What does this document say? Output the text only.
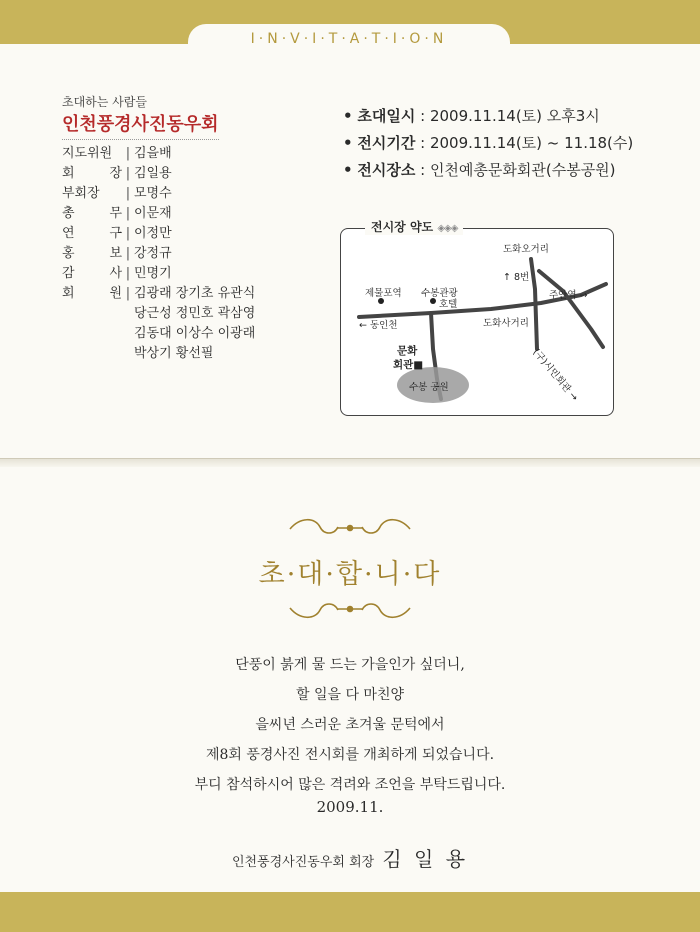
I·N·V·I·T·A·T·I·O·N
초대하는 사람들
인천풍경사진동우회
지도위원	| 김을배
회 장 | 김일용
부회장	| 모명수
총 무 | 이문재
연 구 | 이정만
홍 보 | 강정규
감 사 | 민명기
회 원 | 김광래 장기초 유관식
당근성 정민호 곽삼영
김동대 이상수 이광래
박상기 황선필
• 초대일시 : 2009.11.14(토) 오후3시
• 전시기간 : 2009.11.14(토) ~ 11.18(수)
• 전시장소 : 인천예총문화회관(수봉공원)
도화오거리
제물포역 수봉관광
호텔
← 동인천	도화사거리
주안역 →
(구)시민회관 →
↑ 8번
문화
회관■
수봉 공원
전시장 약도 ◈◈◈
초·대·합·니·다
단풍이 붉게 물 드는 가을인가 싶더니,
할 일을 다 마친양
을씨년 스러운 초겨울 문턱에서
제8회 풍경사진 전시회를 개최하게 되었습니다.
부디 참석하시어 많은 격려와 조언을 부탁드립니다.
2009.11.
인천풍경사진동우회 회장 김 일 용
